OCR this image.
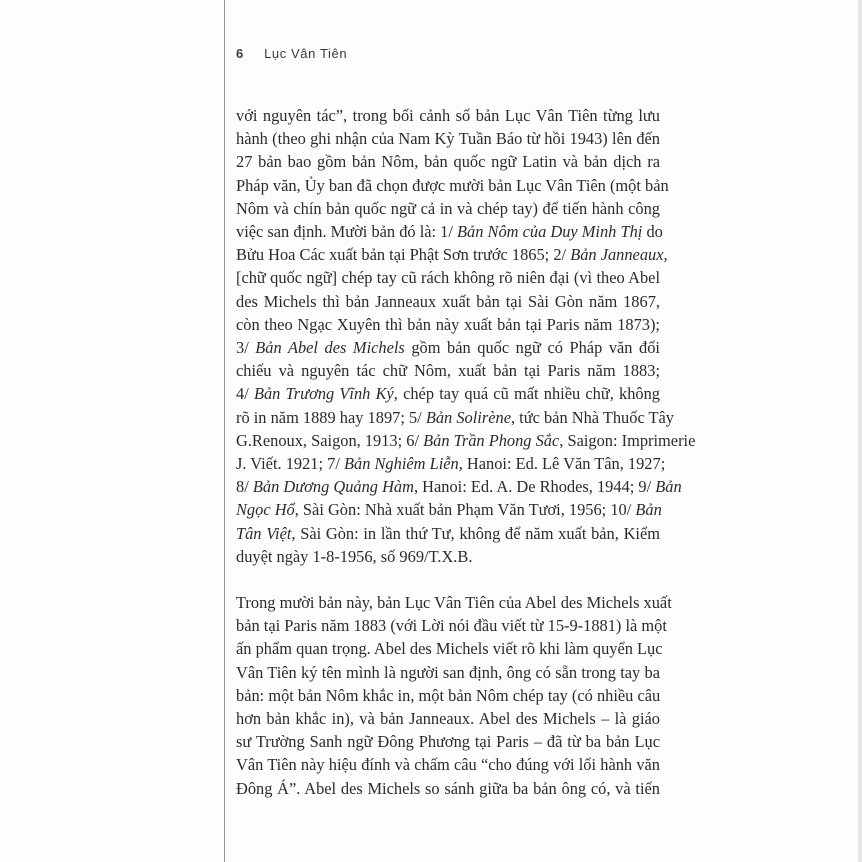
6 Lục Vân Tiên
với nguyên tác”, trong bối cảnh số bản Lục Vân Tiên từng lưu
hành (theo ghi nhận của Nam Kỳ Tuần Báo từ hồi 1943) lên đến
27 bản bao gồm bản Nôm, bản quốc ngữ Latin và bản dịch ra
Pháp văn, Ủy ban đã chọn được mười bản Lục Vân Tiên (một bản
Nôm và chín bản quốc ngữ cả in và chép tay) để tiến hành công
việc san định. Mười bản đó là: 1/ Bản Nôm của Duy Minh Thị do
Bửu Hoa Các xuất bản tại Phật Sơn trước 1865; 2/ Bản Janneaux,
[chữ quốc ngữ] chép tay cũ rách không rõ niên đại (vì theo Abel
des Michels thì bản Janneaux xuất bản tại Sài Gòn năm 1867,
còn theo Ngạc Xuyên thì bản này xuất bản tại Paris năm 1873);
3/ Bản Abel des Michels gồm bản quốc ngữ có Pháp văn đối
chiếu và nguyên tác chữ Nôm, xuất bản tại Paris năm 1883;
4/ Bản Trương Vĩnh Ký, chép tay quá cũ mất nhiều chữ, không
rõ in năm 1889 hay 1897; 5/ Bản Solirène, tức bản Nhà Thuốc Tây
G.Renoux, Saigon, 1913; 6/ Bản Trần Phong Sắc, Saigon: Imprimerie
J. Viết. 1921; 7/ Bản Nghiêm Liễn, Hanoi: Ed. Lê Văn Tân, 1927;
8/ Bản Dương Quảng Hàm, Hanoi: Ed. A. De Rhodes, 1944; 9/ Bản
Ngọc Hổ, Sài Gòn: Nhà xuất bản Phạm Văn Tươi, 1956; 10/ Bản
Tân Việt, Sài Gòn: in lần thứ Tư, không để năm xuất bản, Kiểm
duyệt ngày 1-8-1956, số 969/T.X.B.
Trong mười bản này, bản Lục Vân Tiên của Abel des Michels xuất
bản tại Paris năm 1883 (với Lời nói đầu viết từ 15-9-1881) là một
ấn phẩm quan trọng. Abel des Michels viết rõ khi làm quyển Lục
Vân Tiên ký tên mình là người san định, ông có sẵn trong tay ba
bản: một bản Nôm khắc in, một bản Nôm chép tay (có nhiều câu
hơn bản khắc in), và bản Janneaux. Abel des Michels – là giáo
sư Trường Sanh ngữ Đông Phương tại Paris – đã từ ba bản Lục
Vân Tiên này hiệu đính và chấm câu “cho đúng với lối hành văn
Đông Á”. Abel des Michels so sánh giữa ba bản ông có, và tiến
